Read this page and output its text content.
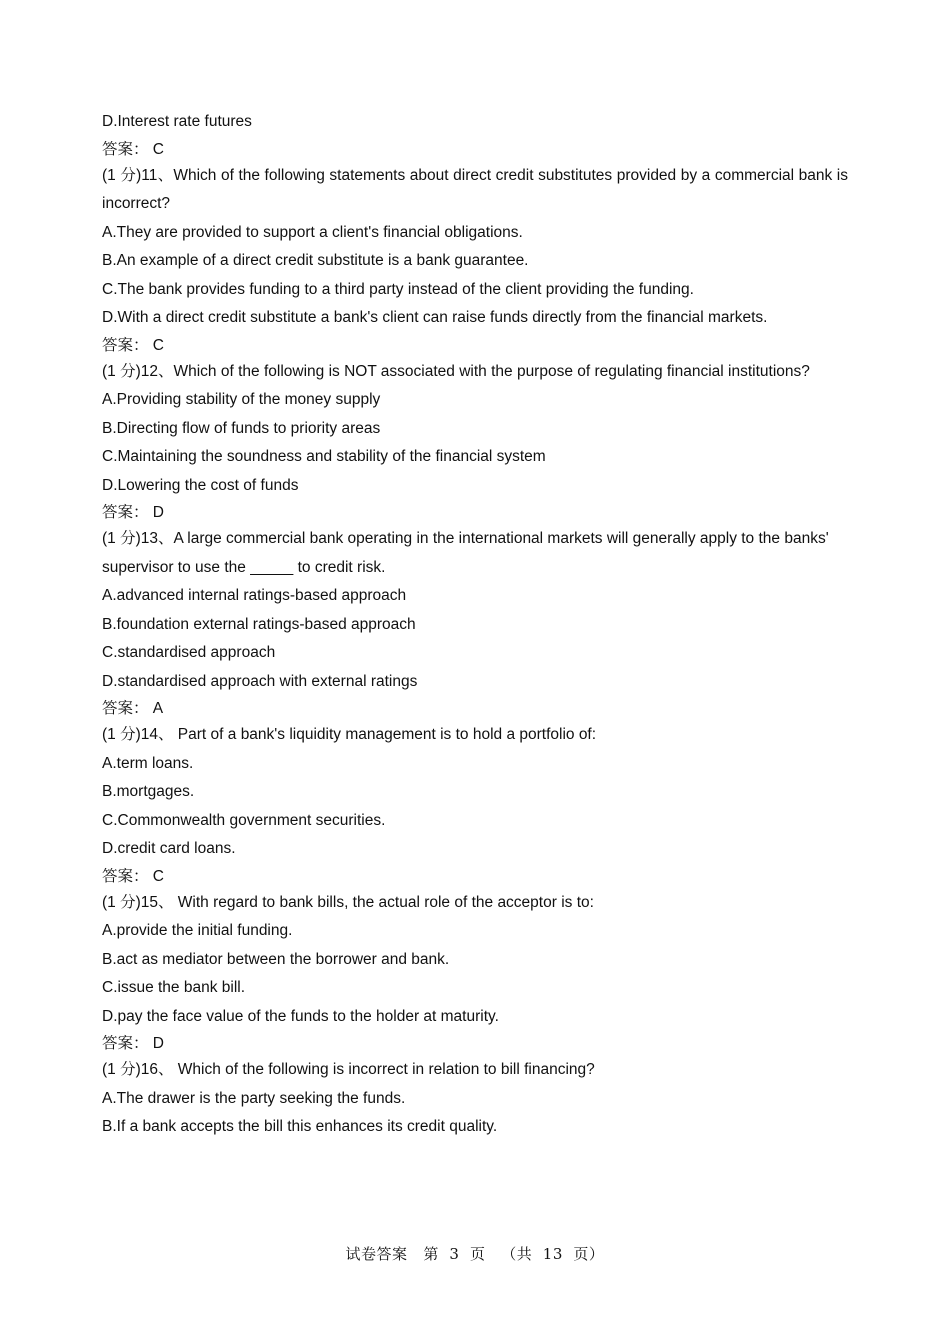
D.Interest rate futures
答案： C
(1 分)11、Which of the following statements about direct credit substitutes provided by a commercial bank is incorrect?
A.They are provided to support a client's financial obligations.
B.An example of a direct credit substitute is a bank guarantee.
C.The bank provides funding to a third party instead of the client providing the funding.
D.With a direct credit substitute a bank's client can raise funds directly from the financial markets.
答案： C
(1 分)12、Which of the following is NOT associated with the purpose of regulating financial institutions?
A.Providing stability of the money supply
B.Directing flow of funds to priority areas
C.Maintaining the soundness and stability of the financial system
D.Lowering the cost of funds
答案： D
(1 分)13、A large commercial bank operating in the international markets will generally apply to the banks' supervisor to use the _____ to credit risk.
A.advanced internal ratings-based approach
B.foundation external ratings-based approach
C.standardised approach
D.standardised approach with external ratings
答案： A
(1 分)14、 Part of a bank's liquidity management is to hold a portfolio of:
A.term loans.
B.mortgages.
C.Commonwealth government securities.
D.credit card loans.
答案： C
(1 分)15、 With regard to bank bills, the actual role of the acceptor is to:
A.provide the initial funding.
B.act as mediator between the borrower and bank.
C.issue the bank bill.
D.pay the face value of the funds to the holder at maturity.
答案： D
(1 分)16、 Which of the following is incorrect in relation to bill financing?
A.The drawer is the party seeking the funds.
B.If a bank accepts the bill this enhances its credit quality.
试卷答案   第  3  页   （共  13  页）
